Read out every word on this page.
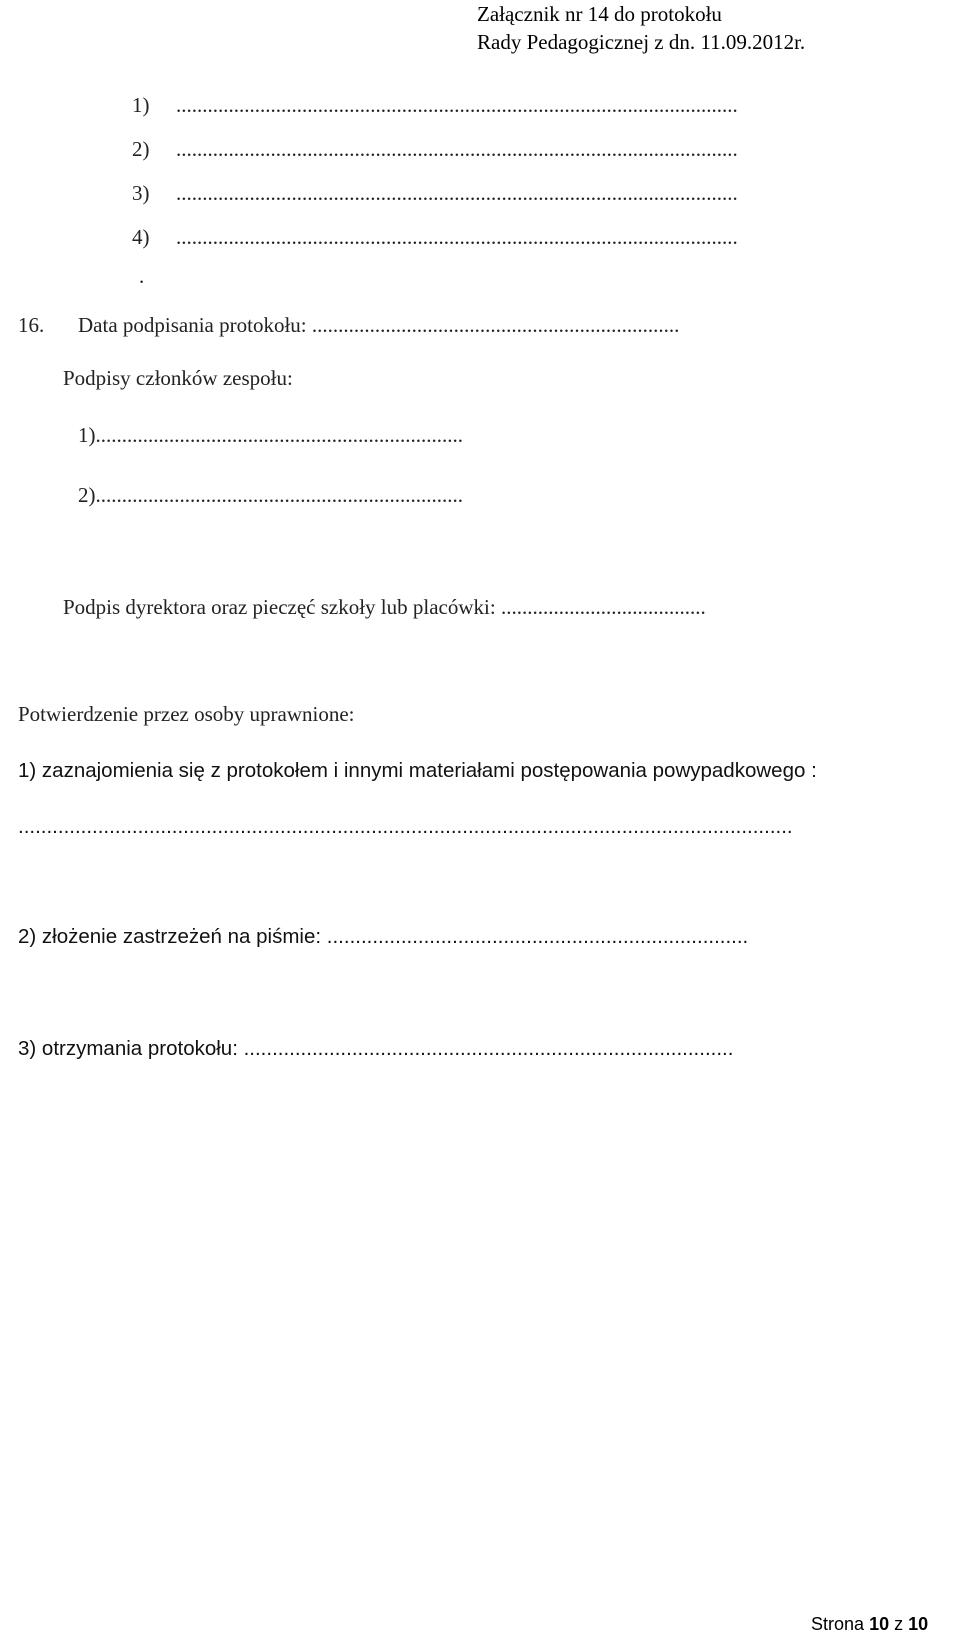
Załącznik nr 14 do protokołu
Rady Pedagogicznej z dn. 11.09.2012r.
1) ...........................................................................................................
2) ...........................................................................................................
3) ...........................................................................................................
4) ...........................................................................................................
.
16. Data podpisania protokołu: ......................................................................
Podpisy członków zespołu:
1)......................................................................
2)......................................................................
Podpis dyrektora oraz pieczęć szkoły lub placówki: .......................................
Potwierdzenie przez osoby uprawnione:
1) zaznajomienia się z protokołem i innymi materiałami postępowania powypadkowego :
........................................................................................................................................
2) złożenie zastrzeżeń na piśmie: ..........................................................................
3) otrzymania protokołu: ......................................................................................
Strona 10 z 10
